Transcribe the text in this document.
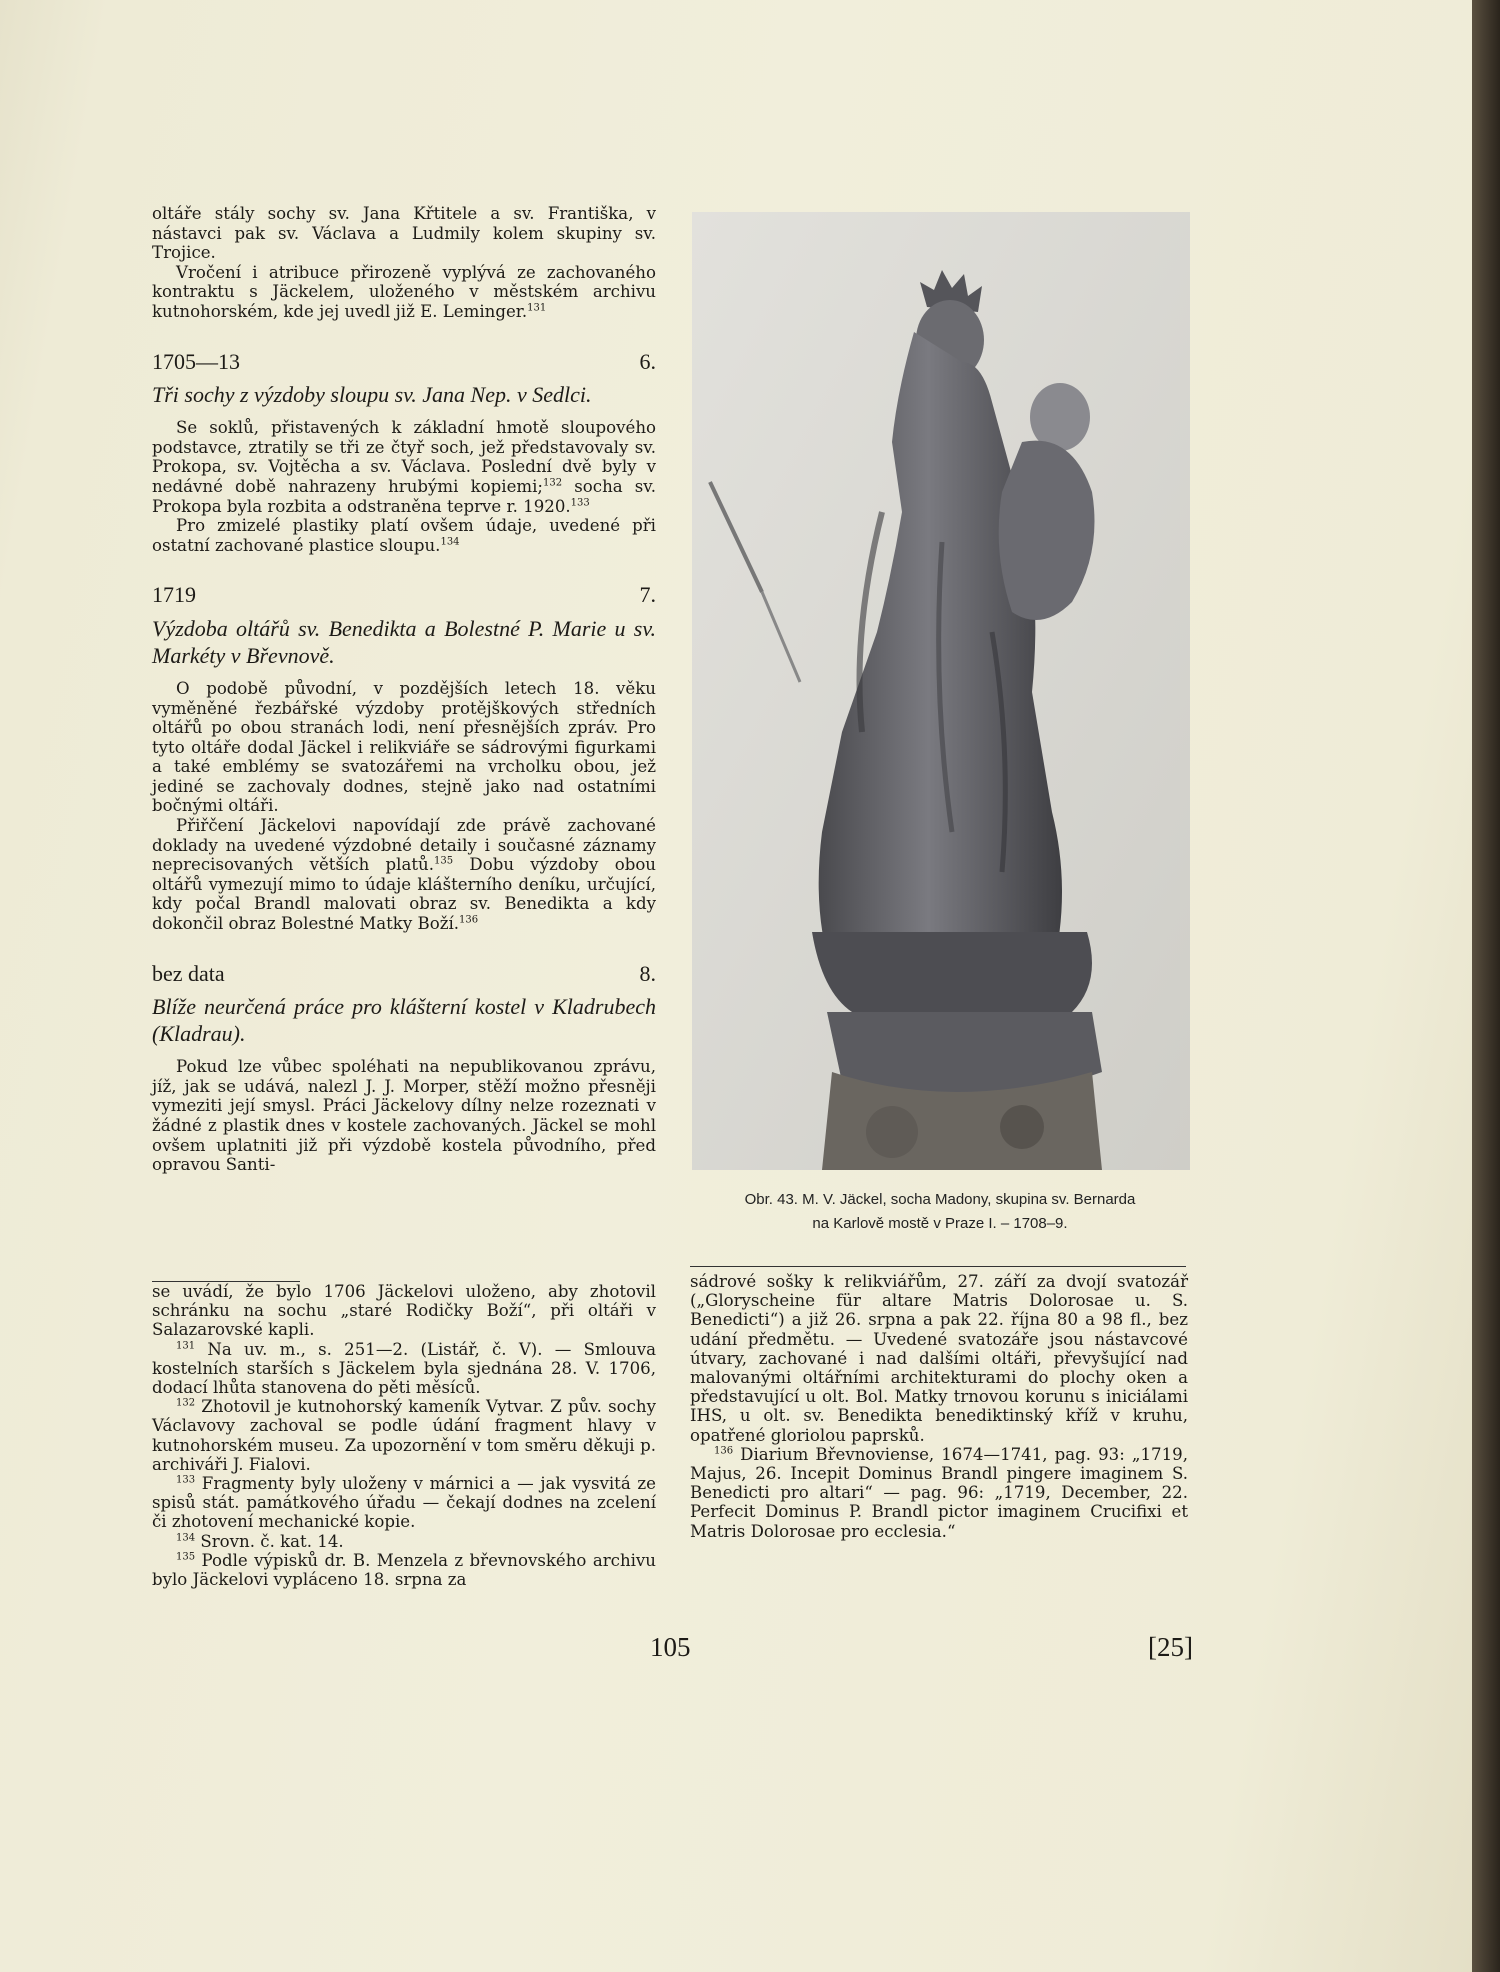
oltáře stály sochy sv. Jana Křtitele a sv. Františka, v nástavci pak sv. Václava a Ludmily kolem skupiny sv. Trojice.

Vročení i atribuce přirozeně vyplývá ze zachovaného kontraktu s Jäckelem, uloženého v městském archivu kutnohorském, kde jej uvedl již E. Leminger.$^{131}$

1705—13	6.
Tři sochy z výzdoby sloupu sv. Jana Nep. v Sedlci.

Se soklů, přistavených k základní hmotě sloupového podstavce, ztratily se tři ze čtyř soch, jež představovaly sv. Prokopa, sv. Vojtěcha a sv. Václava. Poslední dvě byly v nedávné době nahrazeny hrubými kopiemi;$^{132}$ socha sv. Prokopa byla rozbita a odstraněna teprve r. 1920.$^{133}$

Pro zmizelé plastiky platí ovšem údaje, uvedené při ostatní zachované plastice sloupu.$^{134}$

1719	7.
Výzdoba oltářů sv. Benedikta a Bolestné P. Marie u sv. Markéty v Břevnově.

O podobě původní, v pozdějších letech 18. věku vyměněné řezbářské výzdoby protějškových středních oltářů po obou stranách lodi, není přesnějších zpráv. Pro tyto oltáře dodal Jäckel i relikviáře se sádrovými figurkami a také emblémy se svatozářemi na vrcholku obou, jež jediné se zachovaly dodnes, stejně jako nad ostatními bočnými oltáři.

Přiřčení Jäckelovi napovídají zde právě zachované doklady na uvedené výzdobné detaily i současné záznamy neprecisovaných větších platů.$^{135}$ Dobu výzdoby obou oltářů vymezují mimo to údaje klášterního deníku, určující, kdy počal Brandl malovati obraz sv. Benedikta a kdy dokončil obraz Bolestné Matky Boží.$^{136}$

bez data	8.
Blíže neurčená práce pro klášterní kostel v Kladrubech (Kladrau).

Pokud lze vůbec spoléhati na nepublikovanou zprávu, jíž, jak se udává, nalezl J. J. Morper, stěží možno přesněji vymeziti její smysl. Práci Jäckelovy dílny nelze rozeznati v žádné z plastik dnes v kostele zachovaných. Jäckel se mohl ovšem uplatniti již při výzdobě kostela původního, před opravou Santi-

Obr. 43. M. V. Jäckel, socha Madony, skupina sv. Bernarda
na Karlově mostě v Praze I. – 1708–9.

se uvádí, že bylo 1706 Jäckelovi uloženo, aby zhotovil schránku na sochu „staré Rodičky Boží“, při oltáři v Salazarovské kapli.

$^{131}$ Na uv. m., s. 251—2. (Listář, č. V). — Smlouva kostelních starších s Jäckelem byla sjednána 28. V. 1706, dodací lhůta stanovena do pěti měsíců.

$^{132}$ Zhotovil je kutnohorský kameník Vytvar. Z pův. sochy Václavovy zachoval se podle údání fragment hlavy v kutnohorském museu. Za upozornění v tom směru děkuji p. archiváři J. Fialovi.

$^{133}$ Fragmenty byly uloženy v márnici a — jak vysvitá ze spisů stát. památkového úřadu — čekají dodnes na zcelení či zhotovení mechanické kopie.

$^{134}$ Srovn. č. kat. 14.

$^{135}$ Podle výpisků dr. B. Menzela z břevnovského archivu bylo Jäckelovi vypláceno 18. srpna za

sádrové sošky k relikviářům, 27. září za dvojí svatozář („Gloryscheine für altare Matris Dolorosae u. S. Benedicti“) a již 26. srpna a pak 22. října 80 a 98 fl., bez udání předmětu. — Uvedené svatozáře jsou nástavcové útvary, zachované i nad dalšími oltáři, převyšující nad malovanými oltářními architekturami do plochy oken a představující u olt. Bol. Matky trnovou korunu s iniciálami IHS, u olt. sv. Benedikta benediktinský kříž v kruhu, opatřené gloriolou paprsků.

$^{136}$ Diarium Břevnoviense, 1674—1741, pag. 93: „1719, Majus, 26. Incepit Dominus Brandl pingere imaginem S. Benedicti pro altari“ — pag. 96: „1719, December, 22. Perfecit Dominus P. Brandl pictor imaginem Crucifixi et Matris Dolorosae pro ecclesia.“

105	[25]
